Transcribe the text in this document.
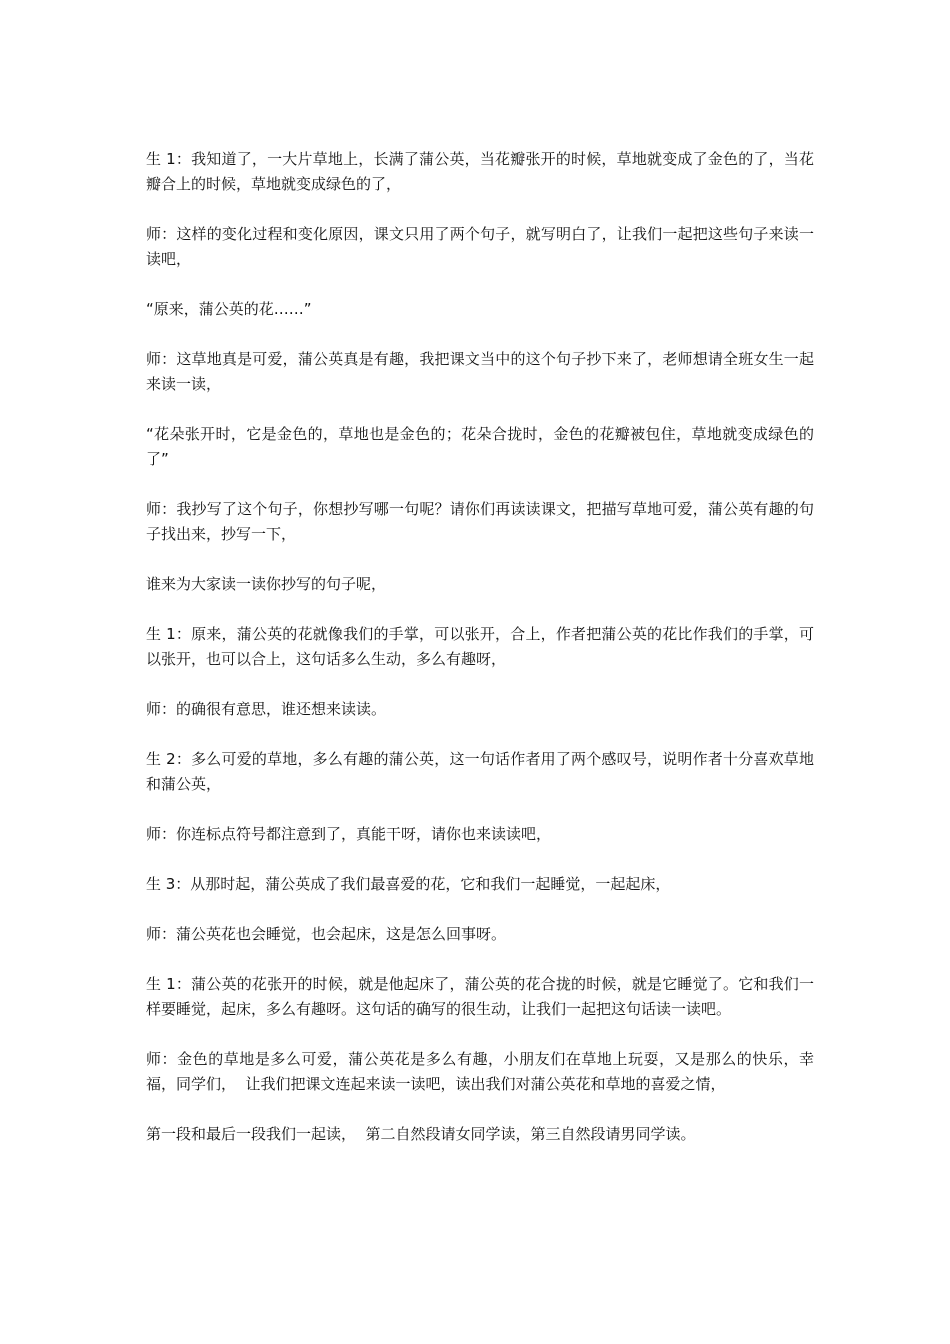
生 1：我知道了，一大片草地上，长满了蒲公英，当花瓣张开的时候，草地就变成了金色的了，当花瓣合上的时候，草地就变成绿色的了，

师：这样的变化过程和变化原因，课文只用了两个句子，就写明白了，让我们一起把这些句子来读一读吧，

“原来，蒲公英的花……”

师：这草地真是可爱，蒲公英真是有趣，我把课文当中的这个句子抄下来了，老师想请全班女生一起来读一读，

“花朵张开时，它是金色的，草地也是金色的；花朵合拢时，金色的花瓣被包住，草地就变成绿色的了”

师：我抄写了这个句子，你想抄写哪一句呢？请你们再读读课文，把描写草地可爱，蒲公英有趣的句子找出来，抄写一下，

谁来为大家读一读你抄写的句子呢，

生 1：原来，蒲公英的花就像我们的手掌，可以张开，合上，作者把蒲公英的花比作我们的手掌，可以张开，也可以合上，这句话多么生动，多么有趣呀，

师：的确很有意思，谁还想来读读。

生 2：多么可爱的草地，多么有趣的蒲公英，这一句话作者用了两个感叹号，说明作者十分喜欢草地和蒲公英，

师：你连标点符号都注意到了，真能干呀，请你也来读读吧，

生 3：从那时起，蒲公英成了我们最喜爱的花，它和我们一起睡觉，一起起床，

师：蒲公英花也会睡觉，也会起床，这是怎么回事呀。

生 1：蒲公英的花张开的时候，就是他起床了，蒲公英的花合拢的时候，就是它睡觉了。它和我们一样要睡觉，起床，多么有趣呀。这句话的确写的很生动，让我们一起把这句话读一读吧。

师：金色的草地是多么可爱，蒲公英花是多么有趣，小朋友们在草地上玩耍，又是那么的快乐，幸福，同学们，  让我们把课文连起来读一读吧，读出我们对蒲公英花和草地的喜爱之情，

第一段和最后一段我们一起读，  第二自然段请女同学读，第三自然段请男同学读。
